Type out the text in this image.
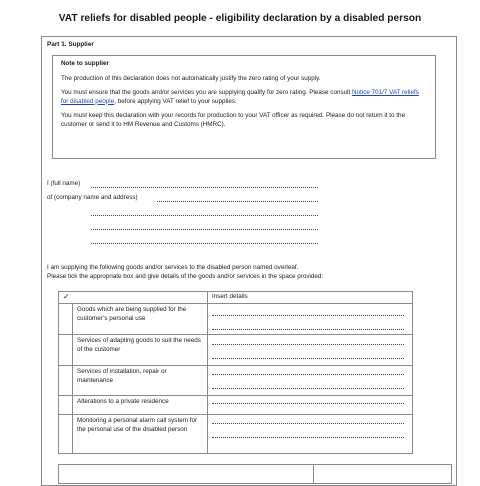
VAT reliefs for disabled people - eligibility declaration by a disabled person
Part 1. Supplier
Note to supplier

The production of this declaration does not automatically justify the zero rating of your supply.

You must ensure that the goods and/or services you are supplying qualify for zero rating. Please consult Notice 701/7 VAT reliefs for disabled people, before applying VAT relief to your supplies.

You must keep this declaration with your records for production to your VAT officer as required. Please do not return it to the customer or send it to HM Revenue and Customs (HMRC).

I (full name)
of (company name and address)
I am supplying the following goods and/or services to the disabled person named overleaf.
Please tick the appropriate box and give details of the goods and/or services in the space provided:
✓		Insert details
	Goods which are being supplied for the customer’s personal use	

	Services of adapting goods to suit the needs of the customer	

	Services of installation, repair or maintenance	

	Alterations to a private residence	

	Monitoring a personal alarm call system for the personal use of the disabled person	
